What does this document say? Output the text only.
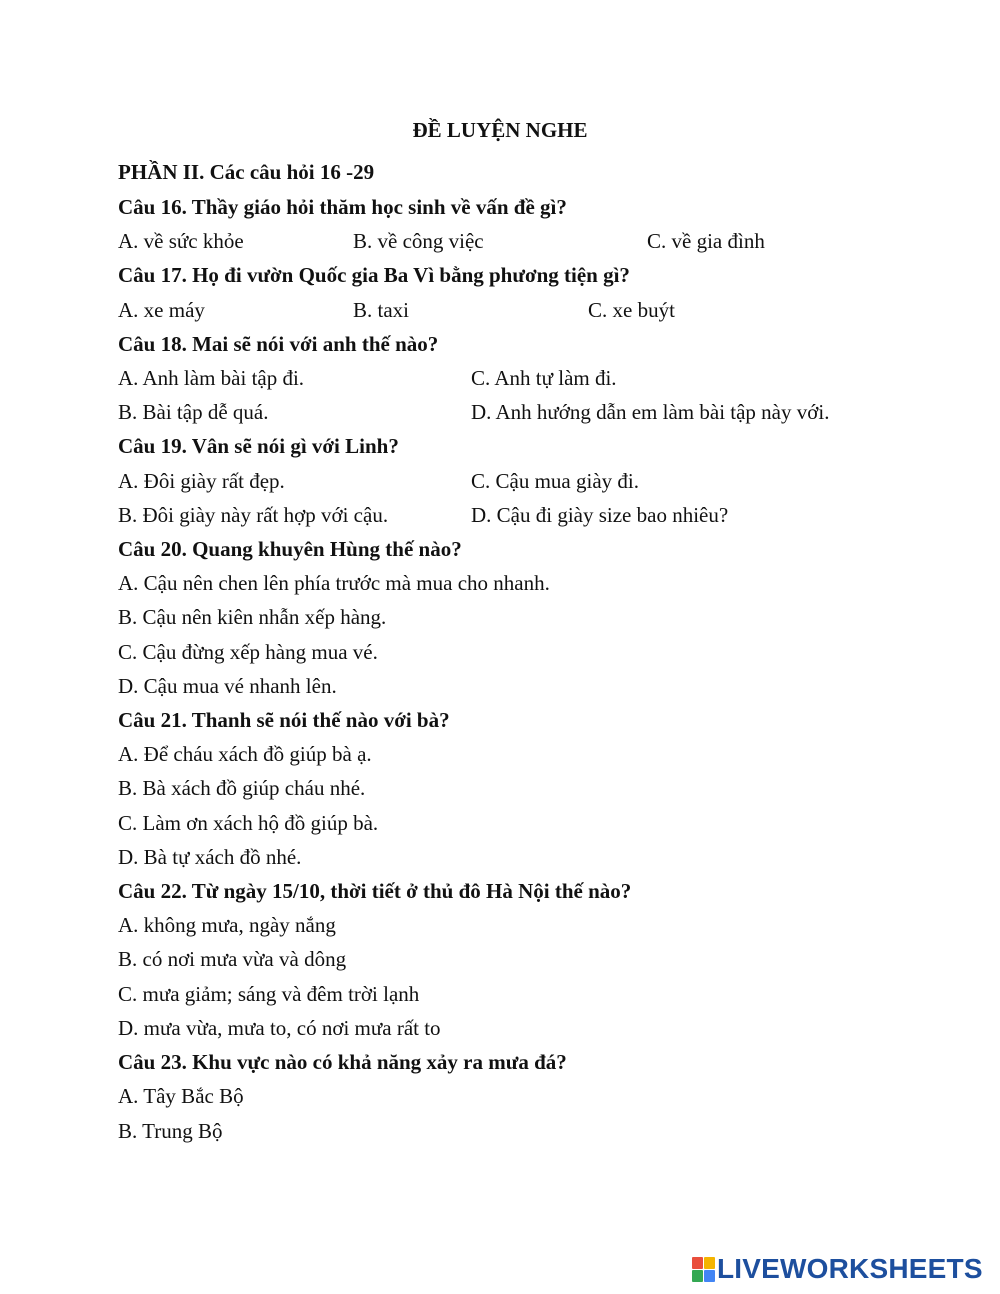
ĐỀ LUYỆN NGHE
PHẦN II. Các câu hỏi 16 -29
Câu 16. Thầy giáo hỏi thăm học sinh về vấn đề gì?
A. về sức khỏe	B. về công việc	C. về gia đình
Câu 17. Họ đi vườn Quốc gia Ba Vì bằng phương tiện gì?
A. xe máy	B. taxi	C. xe buýt
Câu 18. Mai sẽ nói với anh thế nào?
A. Anh làm bài tập đi.	C. Anh tự làm đi.
B. Bài tập dễ quá.	D. Anh hướng dẫn em làm bài tập này với.
Câu 19. Vân sẽ nói gì với Linh?
A. Đôi giày rất đẹp.	C. Cậu mua giày đi.
B. Đôi giày này rất hợp với cậu.	D. Cậu đi giày size bao nhiêu?
Câu 20. Quang khuyên Hùng thế nào?
A. Cậu nên chen lên phía trước mà mua cho nhanh.
B. Cậu nên kiên nhẫn xếp hàng.
C. Cậu đừng xếp hàng mua vé.
D. Cậu mua vé nhanh lên.
Câu 21. Thanh sẽ nói thế nào với bà?
A. Để cháu xách đồ giúp bà ạ.
B. Bà xách đồ giúp cháu nhé.
C. Làm ơn xách hộ đồ giúp bà.
D. Bà tự xách đồ nhé.
Câu 22. Từ ngày 15/10, thời tiết ở thủ đô Hà Nội thế nào?
A. không mưa, ngày nắng
B. có nơi mưa vừa và dông
C. mưa giảm; sáng và đêm trời lạnh
D. mưa vừa, mưa to, có nơi mưa rất to
Câu 23. Khu vực nào có khả năng xảy ra mưa đá?
A. Tây Bắc Bộ
B. Trung Bộ
LIVEWORKSHEETS
